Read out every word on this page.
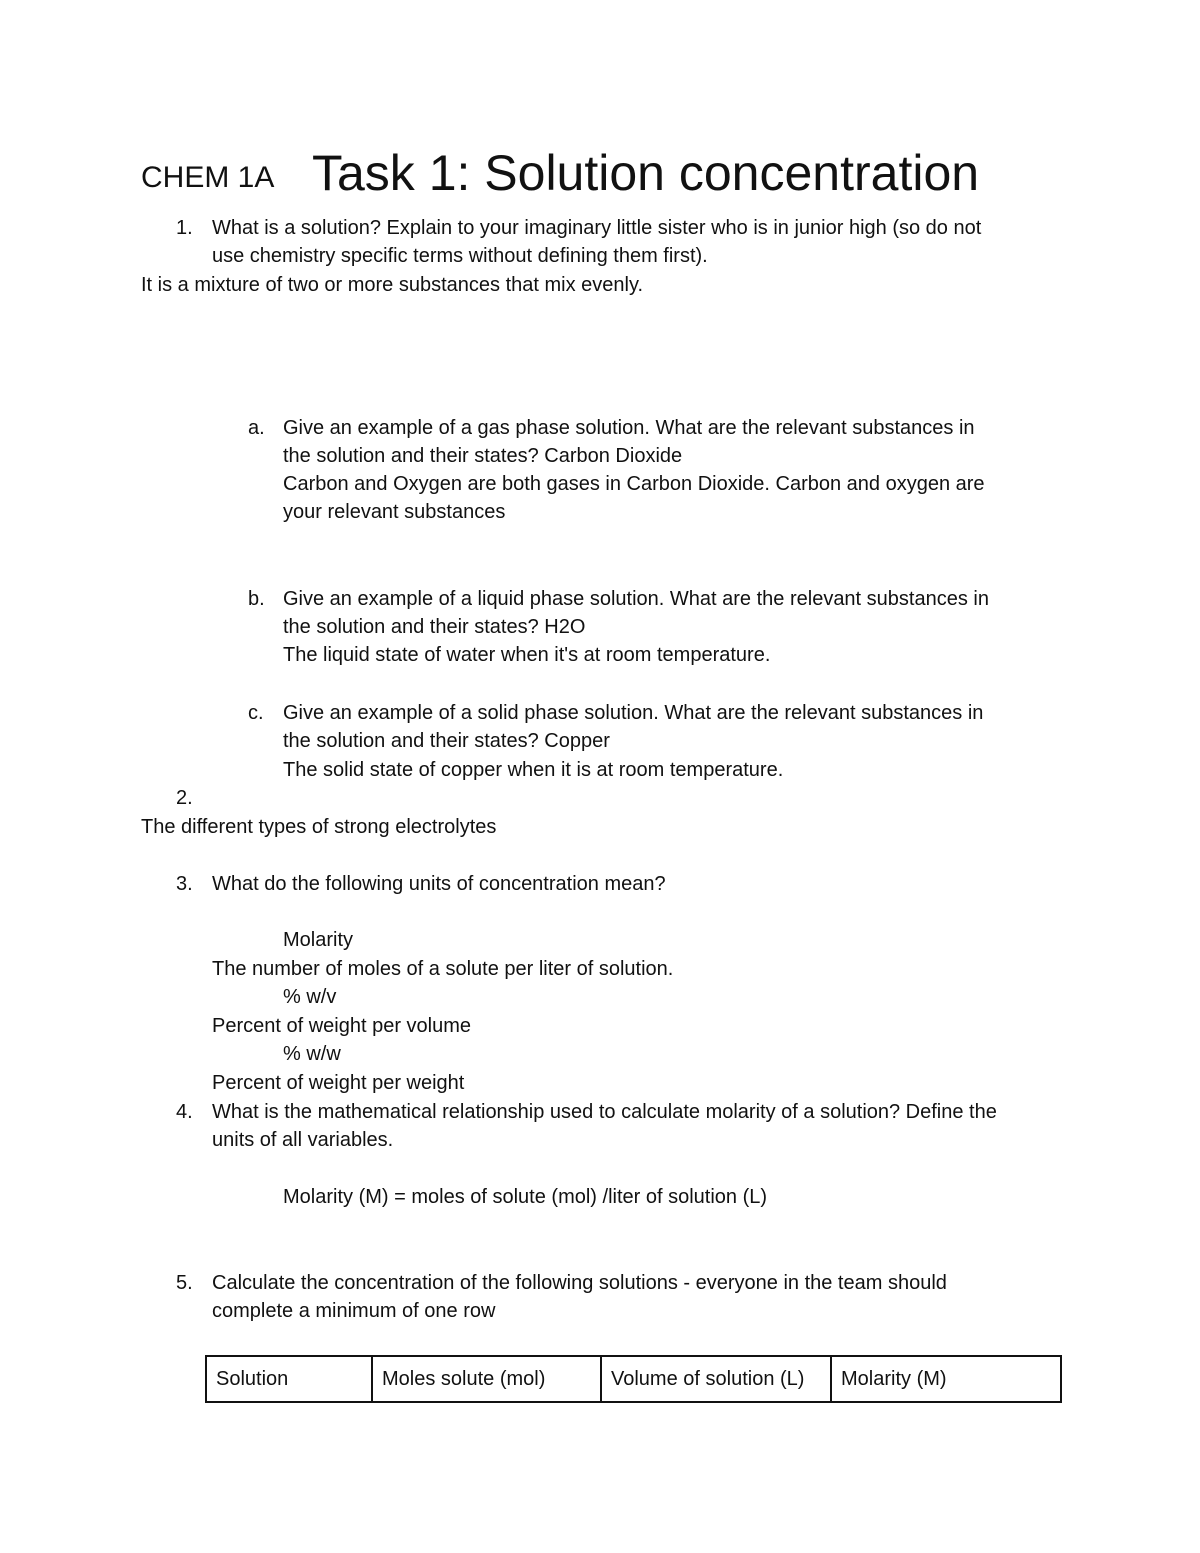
CHEM 1A Task 1: Solution concentration
1. What is a solution? Explain to your imaginary little sister who is in junior high (so do not
use chemistry specific terms without defining them first).
It is a mixture of two or more substances that mix evenly.
a. Give an example of a gas phase solution. What are the relevant substances in
the solution and their states? Carbon Dioxide
Carbon and Oxygen are both gases in Carbon Dioxide. Carbon and oxygen are
your relevant substances
b. Give an example of a liquid phase solution. What are the relevant substances in
the solution and their states? H2O
The liquid state of water when it's at room temperature.
c. Give an example of a solid phase solution. What are the relevant substances in
the solution and their states? Copper
The solid state of copper when it is at room temperature.
2.
The different types of strong electrolytes
3. What do the following units of concentration mean?
Molarity
The number of moles of a solute per liter of solution.
% w/v
Percent of weight per volume
% w/w
Percent of weight per weight
4. What is the mathematical relationship used to calculate molarity of a solution? Define the
units of all variables.
Molarity (M) = moles of solute (mol) /liter of solution (L)
5. Calculate the concentration of the following solutions - everyone in the team should
complete a minimum of one row
Solution	Moles solute (mol)	Volume of solution (L)	Molarity (M)
